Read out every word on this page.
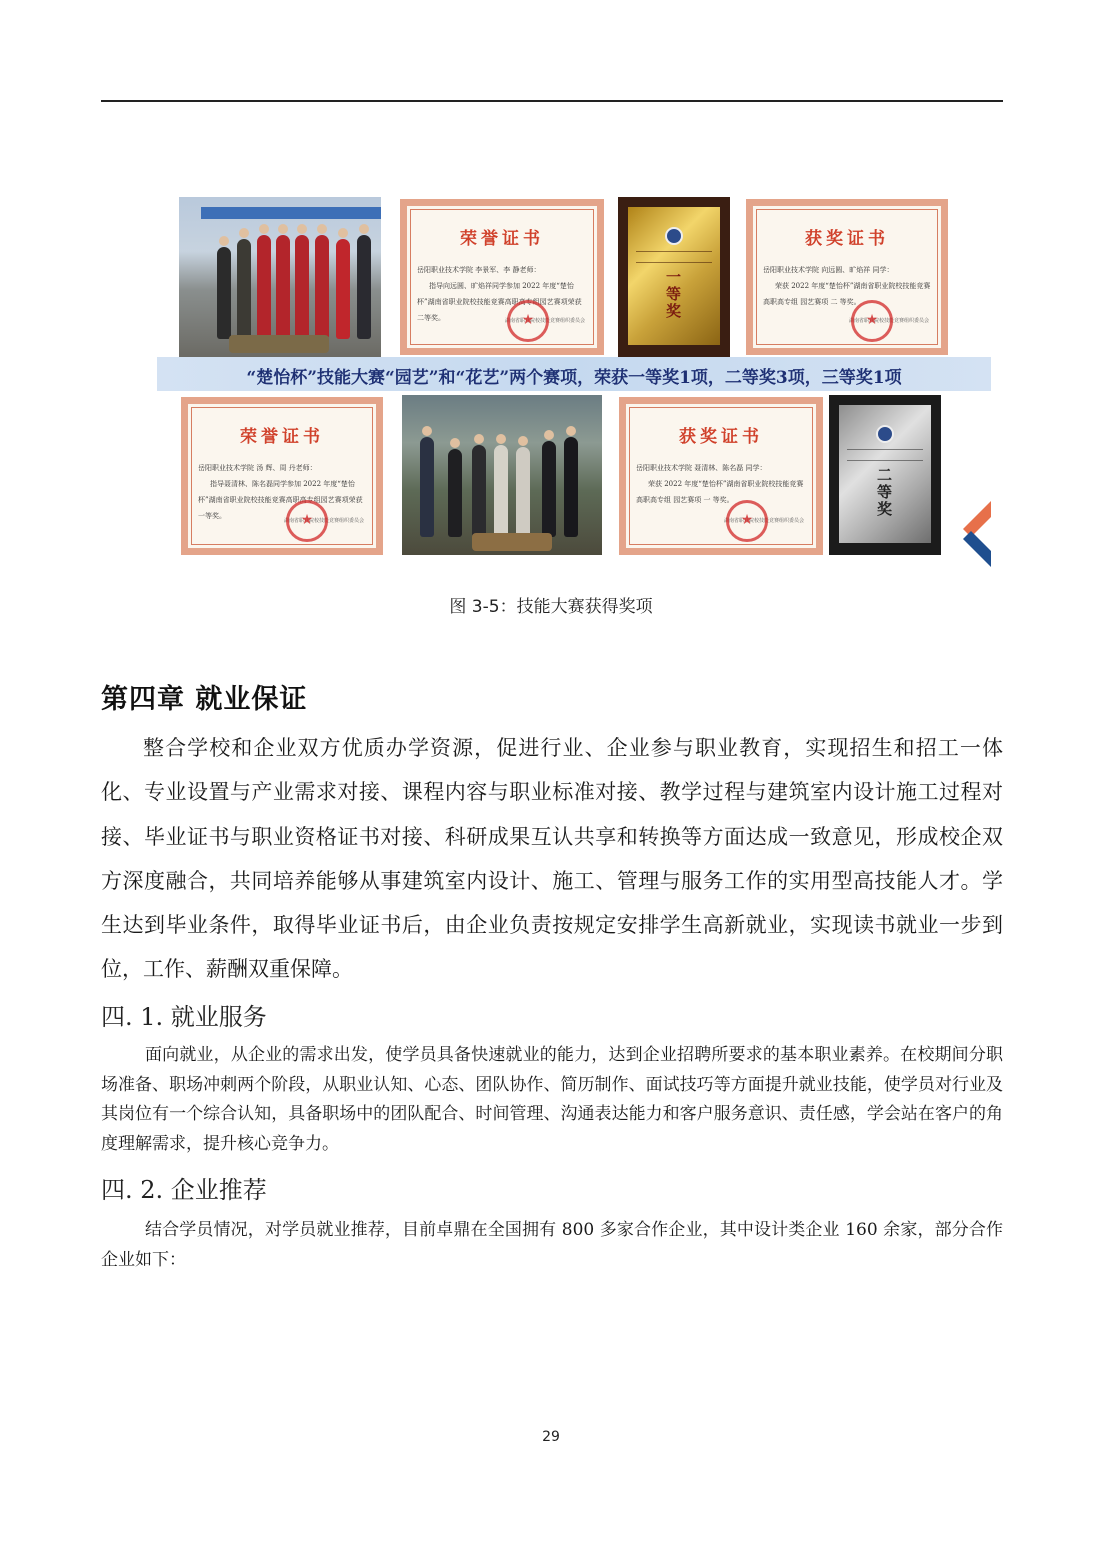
荣誉证书

岳阳职业技术学院 李景军、李 静老师：

指导向远圆、旷焰祥同学参加 2022 年度“楚怡杯”湖南省职业院校技能竞赛高职高专组园艺赛项荣获二等奖。	湖南省职业院校技能竞赛组织委员会
★
一等奖
获奖证书

岳阳职业技术学院 向远圆、旷焰祥 同学：

荣获 2022 年度“楚怡杯”湖南省职业院校技能竞赛高职高专组 园艺赛项 二 等奖。

湖南省职业院校技能竞赛组织委员会
★
“楚怡杯”技能大赛“园艺”和“花艺”两个赛项，荣获一等奖1项，二等奖3项，三等奖1项
荣誉证书

岳阳职业技术学院 汤 辉、周 丹老师：

指导聂清林、陈名磊同学参加 2022 年度“楚怡杯”湖南省职业院校技能竞赛高职高专组园艺赛项荣获一等奖。

湖南省职业院校技能竞赛组织委员会
★
获奖证书

岳阳职业技术学院 聂清林、陈名磊 同学：

荣获 2022 年度“楚怡杯”湖南省职业院校技能竞赛高职高专组 园艺赛项 一 等奖。

湖南省职业院校技能竞赛组织委员会
★
二等奖
图 3-5：技能大赛获得奖项
第四章 就业保证

整合学校和企业双方优质办学资源，促进行业、企业参与职业教育，实现招生和招工一体化、专业设置与产业需求对接、课程内容与职业标准对接、教学过程与建筑室内设计施工过程对接、毕业证书与职业资格证书对接、科研成果互认共享和转换等方面达成一致意见，形成校企双方深度融合，共同培养能够从事建筑室内设计、施工、管理与服务工作的实用型高技能人才。学生达到毕业条件，取得毕业证书后，由企业负责按规定安排学生高新就业，实现读书就业一步到位，工作、薪酬双重保障。

四. 1. 就业服务

面向就业，从企业的需求出发，使学员具备快速就业的能力，达到企业招聘所要求的基本职业素养。在校期间分职场准备、职场冲刺两个阶段，从职业认知、心态、团队协作、简历制作、面试技巧等方面提升就业技能，使学员对行业及其岗位有一个综合认知，具备职场中的团队配合、时间管理、沟通表达能力和客户服务意识、责任感，学会站在客户的角度理解需求，提升核心竞争力。

四. 2. 企业推荐

结合学员情况，对学员就业推荐，目前卓鼎在全国拥有 800 多家合作企业，其中设计类企业 160 余家，部分合作企业如下：

29
